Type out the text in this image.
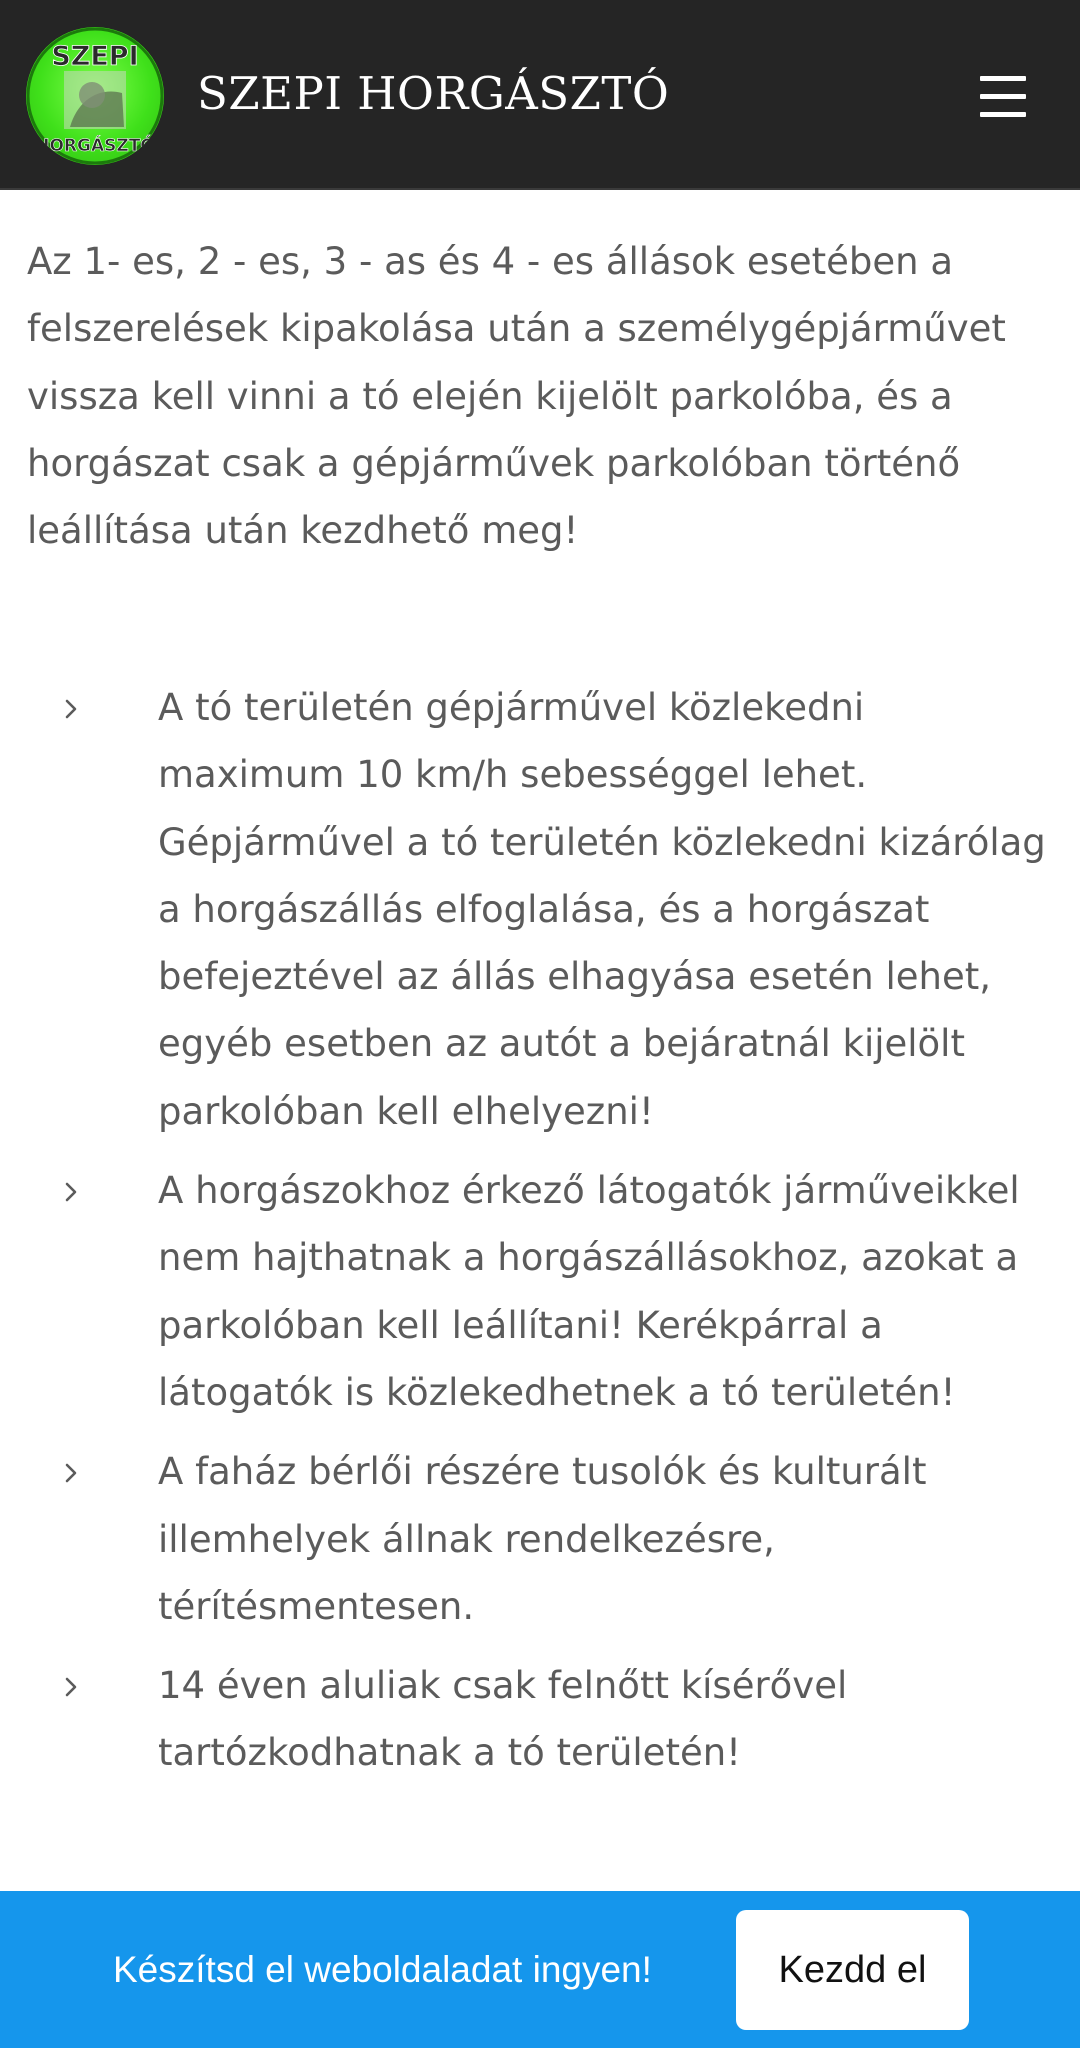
SZEPI
HORGÁSZTÓ
SZEPI HORGÁSZTÓ

Az 1- es, 2 - es, 3 - as és 4 - es állások esetében a felszerelések kipakolása után a személygépjárművet vissza kell vinni a tó elején kijelölt parkolóba, és a horgászat csak a gépjárművek parkolóban történő leállítása után kezdhető meg!

A tó területén gépjárművel közlekedni maximum 10 km/h sebességgel lehet. Gépjárművel a tó területén közlekedni kizárólag a horgászállás elfoglalása, és a horgászat befejeztével az állás elhagyása esetén lehet, egyéb esetben az autót a bejáratnál kijelölt parkolóban kell elhelyezni!
A horgászokhoz érkező látogatók járműveikkel nem hajthatnak a horgászállásokhoz, azokat a parkolóban kell leállítani! Kerékpárral a látogatók is közlekedhetnek a tó területén!
A faház bérlői részére tusolók és kulturált illemhelyek állnak rendelkezésre, térítésmentesen.
14 éven aluliak csak felnőtt kísérővel tartózkodhatnak a tó területén!
Készítsd el weboldaladat ingyen!	Kezdd el
